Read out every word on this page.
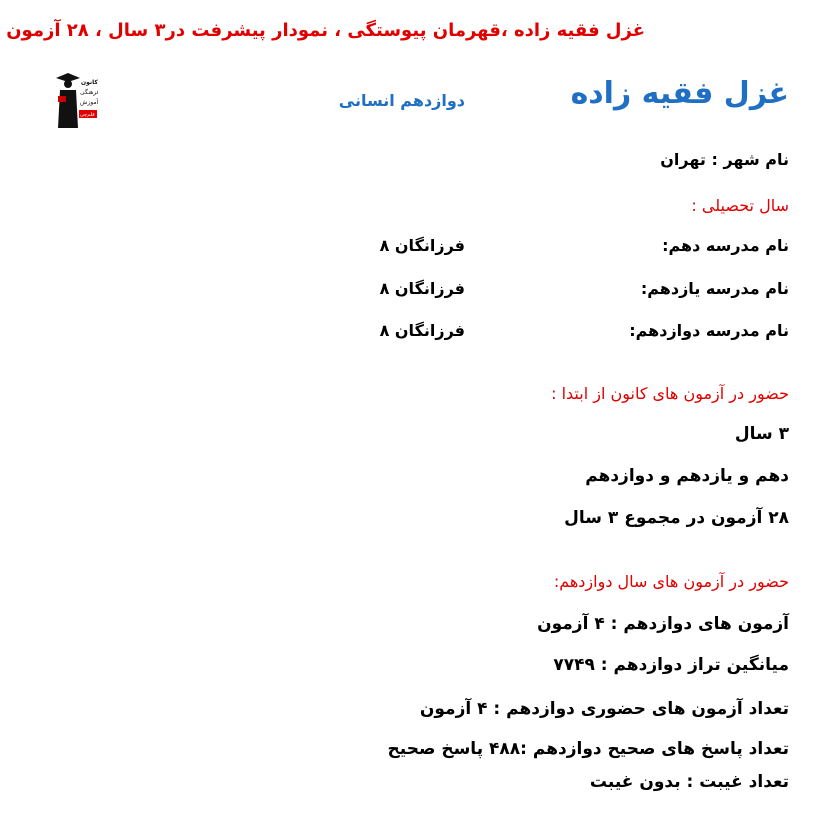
غزل فقیه زاده ،قهرمان پیوستگی ، نمودار پیشرفت در۳ سال ، ۲۸ آزمون
غزل فقیه زاده
دوازدهم انسانی
کانون
فرهنگی
آموزش
قلم‌چی
نام شهر : تهران
سال تحصیلی :
نام مدرسه دهم:
فرزانگان ۸
نام مدرسه یازدهم:
فرزانگان ۸
نام مدرسه دوازدهم:
فرزانگان ۸
حضور در آزمون های کانون از ابتدا :
۳ سال
دهم و یازدهم و دوازدهم
۲۸ آزمون در مجموع ۳ سال
حضور در آزمون های سال دوازدهم:
آزمون های دوازدهم : ۴ آزمون
میانگین تراز دوازدهم : ۷۷۴۹
تعداد آزمون های حضوری دوازدهم : ۴ آزمون
تعداد پاسخ های صحیح دوازدهم :۴۸۸ پاسخ صحیح
تعداد غیبت : بدون غیبت
